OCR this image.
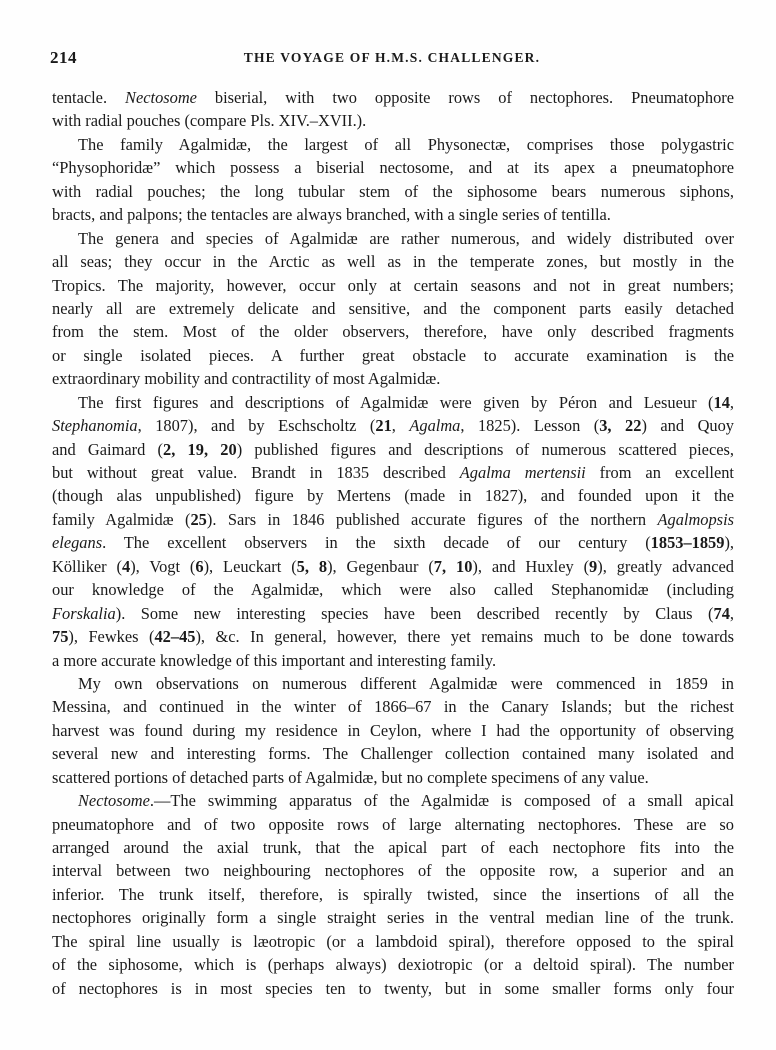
214	THE VOYAGE OF H.M.S. CHALLENGER.
tentacle. Nectosome biserial, with two opposite rows of nectophores. Pneumatophore
with radial pouches (compare Pls. XIV.–XVII.).
The family Agalmidæ, the largest of all Physonectæ, comprises those polygastric
“Physophoridæ” which possess a biserial nectosome, and at its apex a pneumatophore
with radial pouches; the long tubular stem of the siphosome bears numerous siphons,
bracts, and palpons; the tentacles are always branched, with a single series of tentilla.
The genera and species of Agalmidæ are rather numerous, and widely distributed over
all seas; they occur in the Arctic as well as in the temperate zones, but mostly in the
Tropics. The majority, however, occur only at certain seasons and not in great numbers;
nearly all are extremely delicate and sensitive, and the component parts easily detached
from the stem. Most of the older observers, therefore, have only described fragments
or single isolated pieces. A further great obstacle to accurate examination is the
extraordinary mobility and contractility of most Agalmidæ.
The first figures and descriptions of Agalmidæ were given by Péron and Lesueur (14,
Stephanomia, 1807), and by Eschscholtz (21, Agalma, 1825). Lesson (3, 22) and Quoy
and Gaimard (2, 19, 20) published figures and descriptions of numerous scattered pieces,
but without great value. Brandt in 1835 described Agalma mertensii from an excellent
(though alas unpublished) figure by Mertens (made in 1827), and founded upon it the
family Agalmidæ (25). Sars in 1846 published accurate figures of the northern Agalmopsis
elegans. The excellent observers in the sixth decade of our century (1853–1859),
Kölliker (4), Vogt (6), Leuckart (5, 8), Gegenbaur (7, 10), and Huxley (9), greatly advanced
our knowledge of the Agalmidæ, which were also called Stephanomidæ (including
Forskalia). Some new interesting species have been described recently by Claus (74,
75), Fewkes (42–45), &c. In general, however, there yet remains much to be done towards
a more accurate knowledge of this important and interesting family.
My own observations on numerous different Agalmidæ were commenced in 1859 in
Messina, and continued in the winter of 1866–67 in the Canary Islands; but the richest
harvest was found during my residence in Ceylon, where I had the opportunity of observing
several new and interesting forms. The Challenger collection contained many isolated and
scattered portions of detached parts of Agalmidæ, but no complete specimens of any value.
Nectosome.—The swimming apparatus of the Agalmidæ is composed of a small apical
pneumatophore and of two opposite rows of large alternating nectophores. These are so
arranged around the axial trunk, that the apical part of each nectophore fits into the
interval between two neighbouring nectophores of the opposite row, a superior and an
inferior. The trunk itself, therefore, is spirally twisted, since the insertions of all the
nectophores originally form a single straight series in the ventral median line of the trunk.
The spiral line usually is læotropic (or a lambdoid spiral), therefore opposed to the spiral
of the siphosome, which is (perhaps always) dexiotropic (or a deltoid spiral). The number
of nectophores is in most species ten to twenty, but in some smaller forms only four
